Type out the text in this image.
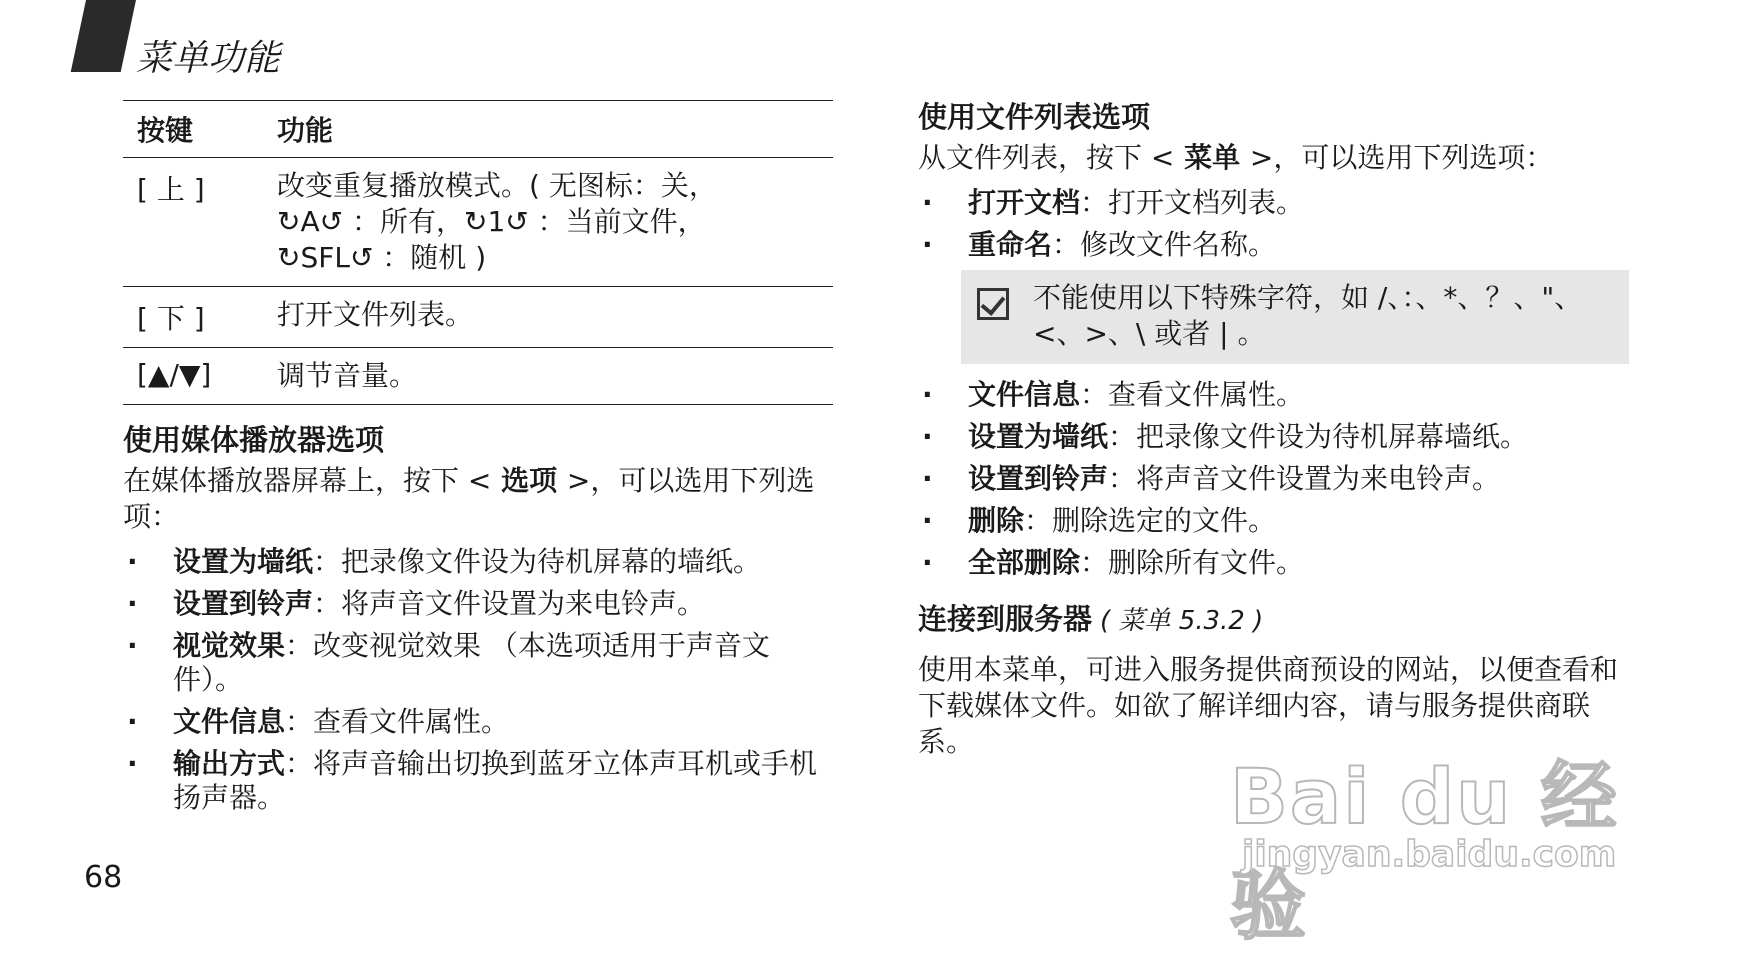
菜单功能
按键	功能
[ 上 ]	改变重复播放模式。( 无图标：关，
↻A↺ ：所有，↻1↺ ：当前文件，
↻SFL↺ ：随机 )

[ 下 ]	打开文件列表。

[▲/▼]	调节音量。
使用媒体播放器选项

在媒体播放器屏幕上，按下 < 选项 >，可以选用下列选项：

· 设置为墙纸：把录像文件设为待机屏幕的墙纸。
· 设置到铃声：将声音文件设置为来电铃声。
· 视觉效果：改变视觉效果 （本选项适用于声音文件）。
· 文件信息：查看文件属性。
· 输出方式：将声音输出切换到蓝牙立体声耳机或手机扬声器。
使用文件列表选项

从文件列表，按下 < 菜单 >，可以选用下列选项：

· 打开文档：打开文档列表。
· 重命名：修改文件名称。
不能使用以下特殊字符，如 /、：、*、？、"、<、>、\ 或者 | 。
· 文件信息：查看文件属性。
· 设置为墙纸：把录像文件设为待机屏幕墙纸。
· 设置到铃声：将声音文件设置为来电铃声。
· 删除：删除选定的文件。
· 全部删除：删除所有文件。
连接到服务器 ( 菜单 5.3.2 )

使用本菜单，可进入服务提供商预设的网站，以便查看和下载媒体文件。如欲了解详细内容，请与服务提供商联系。

68
Bai du 经验
jingyan.baidu.com
